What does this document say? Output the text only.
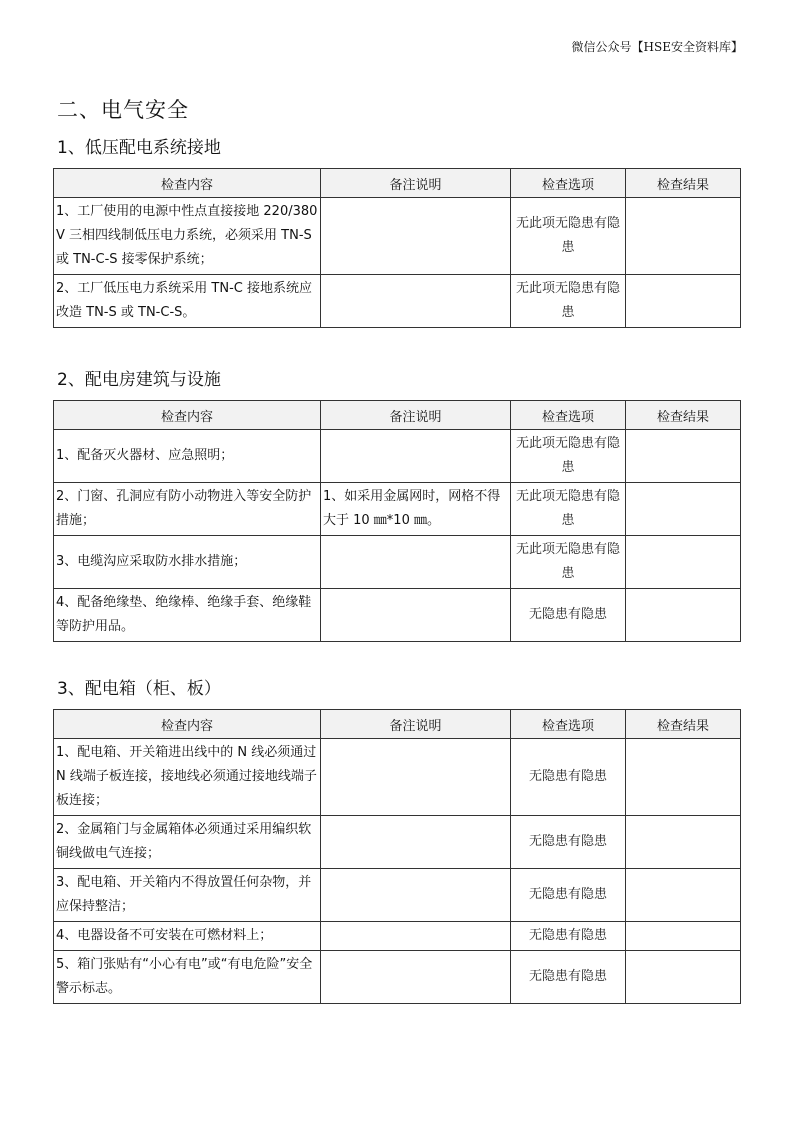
微信公众号【HSE安全资料库】
二、电气安全
1、低压配电系统接地
检查内容	备注说明	检查选项	检查结果
1、工厂使用的电源中性点直接接地 220/380V 三相四线制低压电力系统，必须采用 TN-S 或 TN-C-S 接零保护系统；		无此项无隐患有隐患	
2、工厂低压电力系统采用 TN-C 接地系统应改造 TN-S 或 TN-C-S。		无此项无隐患有隐患	
2、配电房建筑与设施
检查内容	备注说明	检查选项	检查结果
1、配备灭火器材、应急照明；		无此项无隐患有隐患	
2、门窗、孔洞应有防小动物进入等安全防护措施；	1、如采用金属网时，网格不得大于 10 ㎜*10 ㎜。	无此项无隐患有隐患	
3、电缆沟应采取防水排水措施；		无此项无隐患有隐患	
4、配备绝缘垫、绝缘棒、绝缘手套、绝缘鞋等防护用品。		无隐患有隐患	
3、配电箱（柜、板）
检查内容	备注说明	检查选项	检查结果
1、配电箱、开关箱进出线中的 N 线必须通过 N 线端子板连接，接地线必须通过接地线端子板连接；		无隐患有隐患	
2、金属箱门与金属箱体必须通过采用编织软铜线做电气连接；		无隐患有隐患	
3、配电箱、开关箱内不得放置任何杂物，并应保持整洁；		无隐患有隐患	
4、电器设备不可安装在可燃材料上；		无隐患有隐患	
5、箱门张贴有“小心有电”或“有电危险”安全警示标志。		无隐患有隐患	
